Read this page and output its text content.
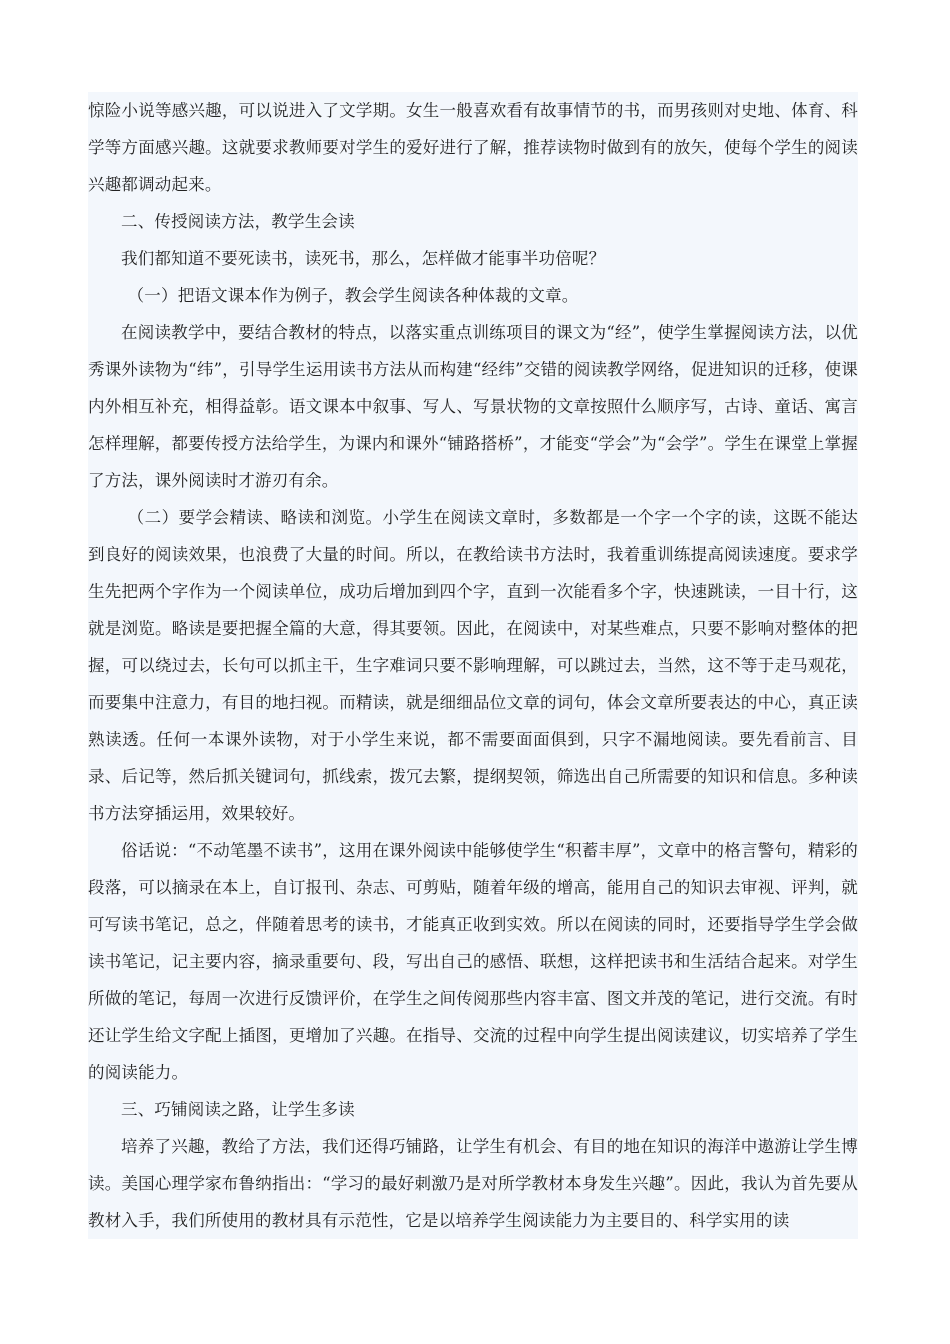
惊险小说等感兴趣，可以说进入了文学期。女生一般喜欢看有故事情节的书，而男孩则对史地、体育、科学等方面感兴趣。这就要求教师要对学生的爱好进行了解，推荐读物时做到有的放矢，使每个学生的阅读兴趣都调动起来。

二、传授阅读方法，教学生会读

我们都知道不要死读书，读死书，那么，怎样做才能事半功倍呢？

（一）把语文课本作为例子，教会学生阅读各种体裁的文章。

在阅读教学中，要结合教材的特点，以落实重点训练项目的课文为“经”，使学生掌握阅读方法，以优秀课外读物为“纬”，引导学生运用读书方法从而构建“经纬”交错的阅读教学网络，促进知识的迁移，使课内外相互补充，相得益彰。语文课本中叙事、写人、写景状物的文章按照什么顺序写，古诗、童话、寓言怎样理解，都要传授方法给学生，为课内和课外“铺路搭桥”，才能变“学会”为“会学”。学生在课堂上掌握了方法，课外阅读时才游刃有余。

（二）要学会精读、略读和浏览。小学生在阅读文章时，多数都是一个字一个字的读，这既不能达到良好的阅读效果，也浪费了大量的时间。所以，在教给读书方法时，我着重训练提高阅读速度。要求学生先把两个字作为一个阅读单位，成功后增加到四个字，直到一次能看多个字，快速跳读，一目十行，这就是浏览。略读是要把握全篇的大意，得其要领。因此，在阅读中，对某些难点，只要不影响对整体的把握，可以绕过去，长句可以抓主干，生字难词只要不影响理解，可以跳过去，当然，这不等于走马观花，而要集中注意力，有目的地扫视。而精读，就是细细品位文章的词句，体会文章所要表达的中心，真正读熟读透。任何一本课外读物，对于小学生来说，都不需要面面俱到，只字不漏地阅读。要先看前言、目录、后记等，然后抓关键词句，抓线索，拨冗去繁，提纲契领，筛选出自己所需要的知识和信息。多种读书方法穿插运用，效果较好。

俗话说：“不动笔墨不读书”，这用在课外阅读中能够使学生“积蓄丰厚”，文章中的格言警句，精彩的段落，可以摘录在本上，自订报刊、杂志、可剪贴，随着年级的增高，能用自己的知识去审视、评判，就可写读书笔记，总之，伴随着思考的读书，才能真正收到实效。所以在阅读的同时，还要指导学生学会做读书笔记，记主要内容，摘录重要句、段，写出自己的感悟、联想，这样把读书和生活结合起来。对学生所做的笔记，每周一次进行反馈评价，在学生之间传阅那些内容丰富、图文并茂的笔记，进行交流。有时还让学生给文字配上插图，更增加了兴趣。在指导、交流的过程中向学生提出阅读建议，切实培养了学生的阅读能力。

三、巧铺阅读之路，让学生多读

培养了兴趣，教给了方法，我们还得巧铺路，让学生有机会、有目的地在知识的海洋中遨游让学生博读。美国心理学家布鲁纳指出：“学习的最好刺激乃是对所学教材本身发生兴趣”。因此，我认为首先要从教材入手，我们所使用的教材具有示范性，它是以培养学生阅读能力为主要目的、科学实用的读
